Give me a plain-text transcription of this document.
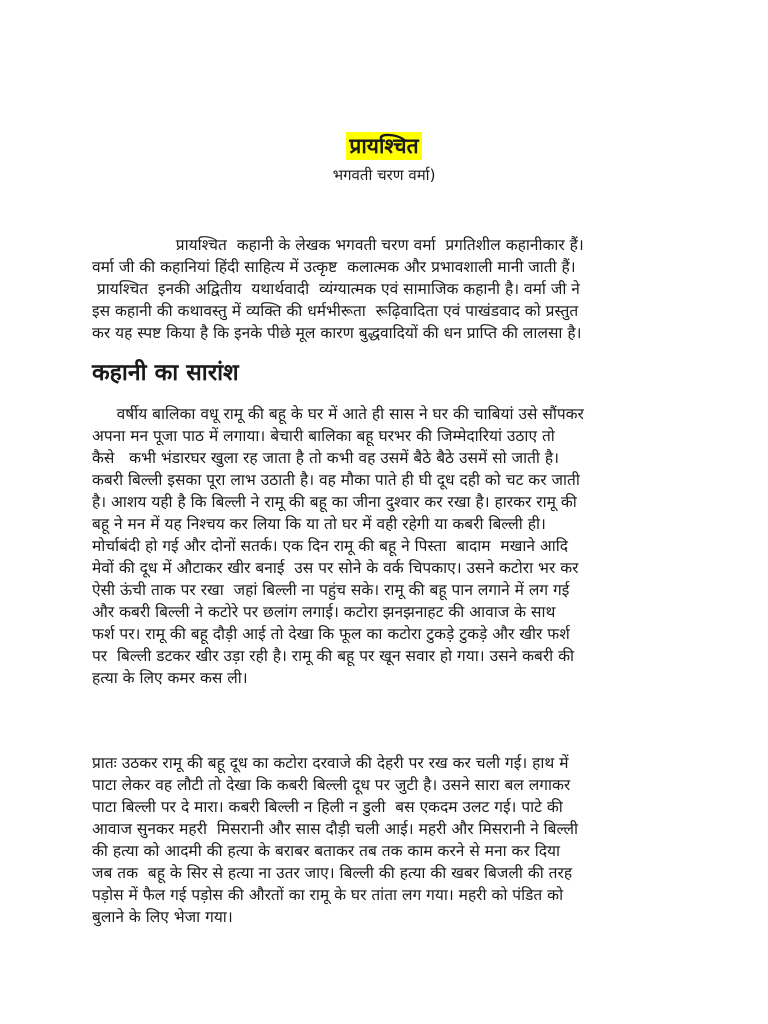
प्रायश्चित
भगवती चरण वर्मा)
प्रायश्चित  कहानी के लेखक भगवती चरण वर्मा  प्रगतिशील कहानीकार हैं।
वर्मा जी की कहानियां हिंदी साहित्य में उत्कृष्ट  कलात्मक और प्रभावशाली मानी जाती हैं।
प्रायश्चित  इनकी अद्वितीय  यथार्थवादी  व्यंग्यात्मक एवं सामाजिक कहानी है। वर्मा जी ने
इस कहानी की कथावस्तु में व्यक्ति की धर्मभीरूता  रूढ़िवादिता एवं पाखंडवाद को प्रस्तुत
कर यह स्पष्ट किया है कि इनके पीछे मूल कारण बुद्धवादियों की धन प्राप्ति की लालसा है।
कहानी का सारांश
वर्षीय बालिका वधू रामू की बहू के घर में आते ही सास ने घर की चाबियां उसे सौंपकर
अपना मन पूजा पाठ में लगाया। बेचारी बालिका बहू घरभर की जिम्मेदारियां उठाए तो
कैसे   कभी भंडारघर खुला रह जाता है तो कभी वह उसमें बैठे बैठे उसमें सो जाती है।
कबरी बिल्ली इसका पूरा लाभ उठाती है। वह मौका पाते ही घी दूध दही को चट कर जाती
है। आशय यही है कि बिल्ली ने रामू की बहू का जीना दुश्वार कर रखा है। हारकर रामू की
बहू ने मन में यह निश्चय कर लिया कि या तो घर में वही रहेगी या कबरी बिल्ली ही।
मोर्चाबंदी हो गई और दोनों सतर्क। एक दिन रामू की बहू ने पिस्ता  बादाम  मखाने आदि
मेवों की दूध में औटाकर खीर बनाई  उस पर सोने के वर्क चिपकाए। उसने कटोरा भर कर
ऐसी ऊंची ताक पर रखा  जहां बिल्ली ना पहुंच सके। रामू की बहू पान लगाने में लग गई
और कबरी बिल्ली ने कटोरे पर छलांग लगाई। कटोरा झनझनाहट की आवाज के साथ
फर्श पर। रामू की बहू दौड़ी आई तो देखा कि फूल का कटोरा टुकड़े टुकड़े और खीर फर्श
पर  बिल्ली डटकर खीर उड़ा रही है। रामू की बहू पर खून सवार हो गया। उसने कबरी की
हत्या के लिए कमर कस ली।
प्रातः उठकर रामू की बहू दूध का कटोरा दरवाजे की देहरी पर रख कर चली गई। हाथ में
पाटा लेकर वह लौटी तो देखा कि कबरी बिल्ली दूध पर जुटी है। उसने सारा बल लगाकर
पाटा बिल्ली पर दे मारा। कबरी बिल्ली न हिली न डुली  बस एकदम उलट गई। पाटे की
आवाज सुनकर महरी  मिसरानी और सास दौड़ी चली आई। महरी और मिसरानी ने बिल्ली
की हत्या को आदमी की हत्या के बराबर बताकर तब तक काम करने से मना कर दिया
जब तक  बहू के सिर से हत्या ना उतर जाए। बिल्ली की हत्या की खबर बिजली की तरह
पड़ोस में फैल गई पड़ोस की औरतों का रामू के घर तांता लग गया। महरी को पंडित को
बुलाने के लिए भेजा गया।
